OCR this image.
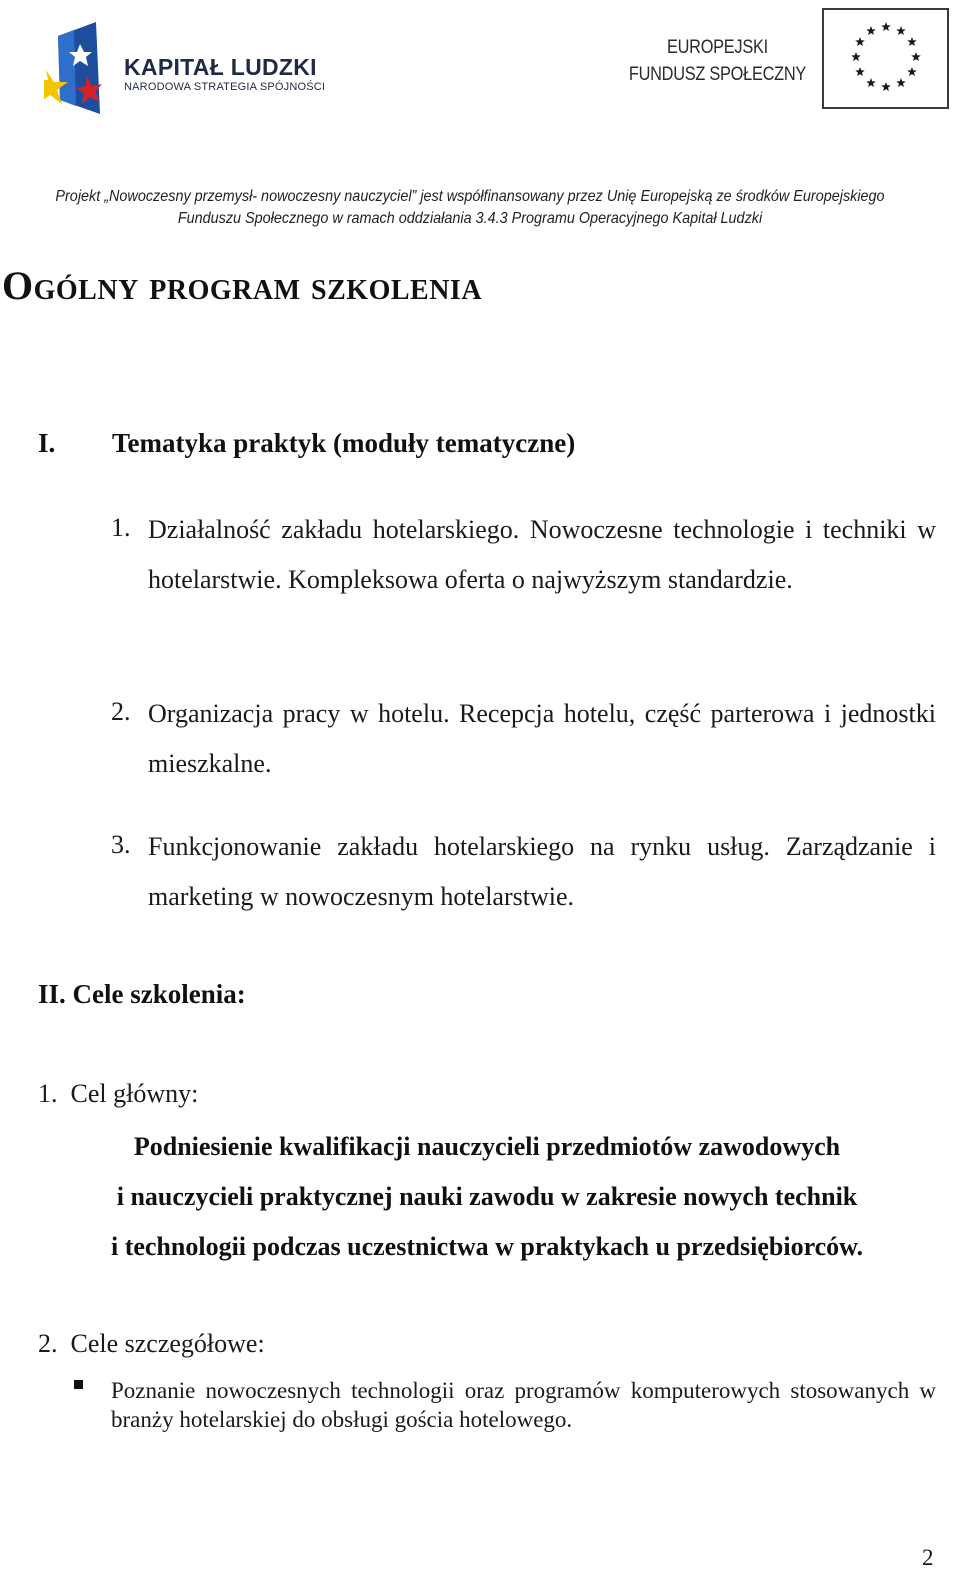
KAPITAŁ LUDZKI
NARODOWA STRATEGIA SPÓJNOŚCI
EUROPEJSKI
FUNDUSZ SPOŁECZNY
Projekt „Nowoczesny przemysł- nowoczesny nauczyciel” jest współfinansowany przez Unię Europejską ze środków Europejskiego
Funduszu Społecznego w ramach oddziałania 3.4.3 Programu Operacyjnego Kapitał Ludzki
Ogólny program szkolenia
I. Tematyka praktyk (moduły tematyczne)
1. Działalność zakładu hotelarskiego. Nowoczesne technologie i techniki w hotelarstwie. Kompleksowa oferta o najwyższym standardzie.
2. Organizacja pracy w hotelu. Recepcja hotelu, część parterowa i jednostki mieszkalne.
3. Funkcjonowanie zakładu hotelarskiego na rynku usług. Zarządzanie i marketing w nowoczesnym hotelarstwie.
II. Cele szkolenia:
1.  Cel główny:
Podniesienie kwalifikacji nauczycieli przedmiotów zawodowych
i nauczycieli praktycznej nauki zawodu w zakresie nowych technik
i technologii podczas uczestnictwa w praktykach u przedsiębiorców.
2.  Cele szczegółowe:
Poznanie nowoczesnych technologii oraz programów komputerowych stosowanych w branży hotelarskiej do obsługi gościa hotelowego.
2
